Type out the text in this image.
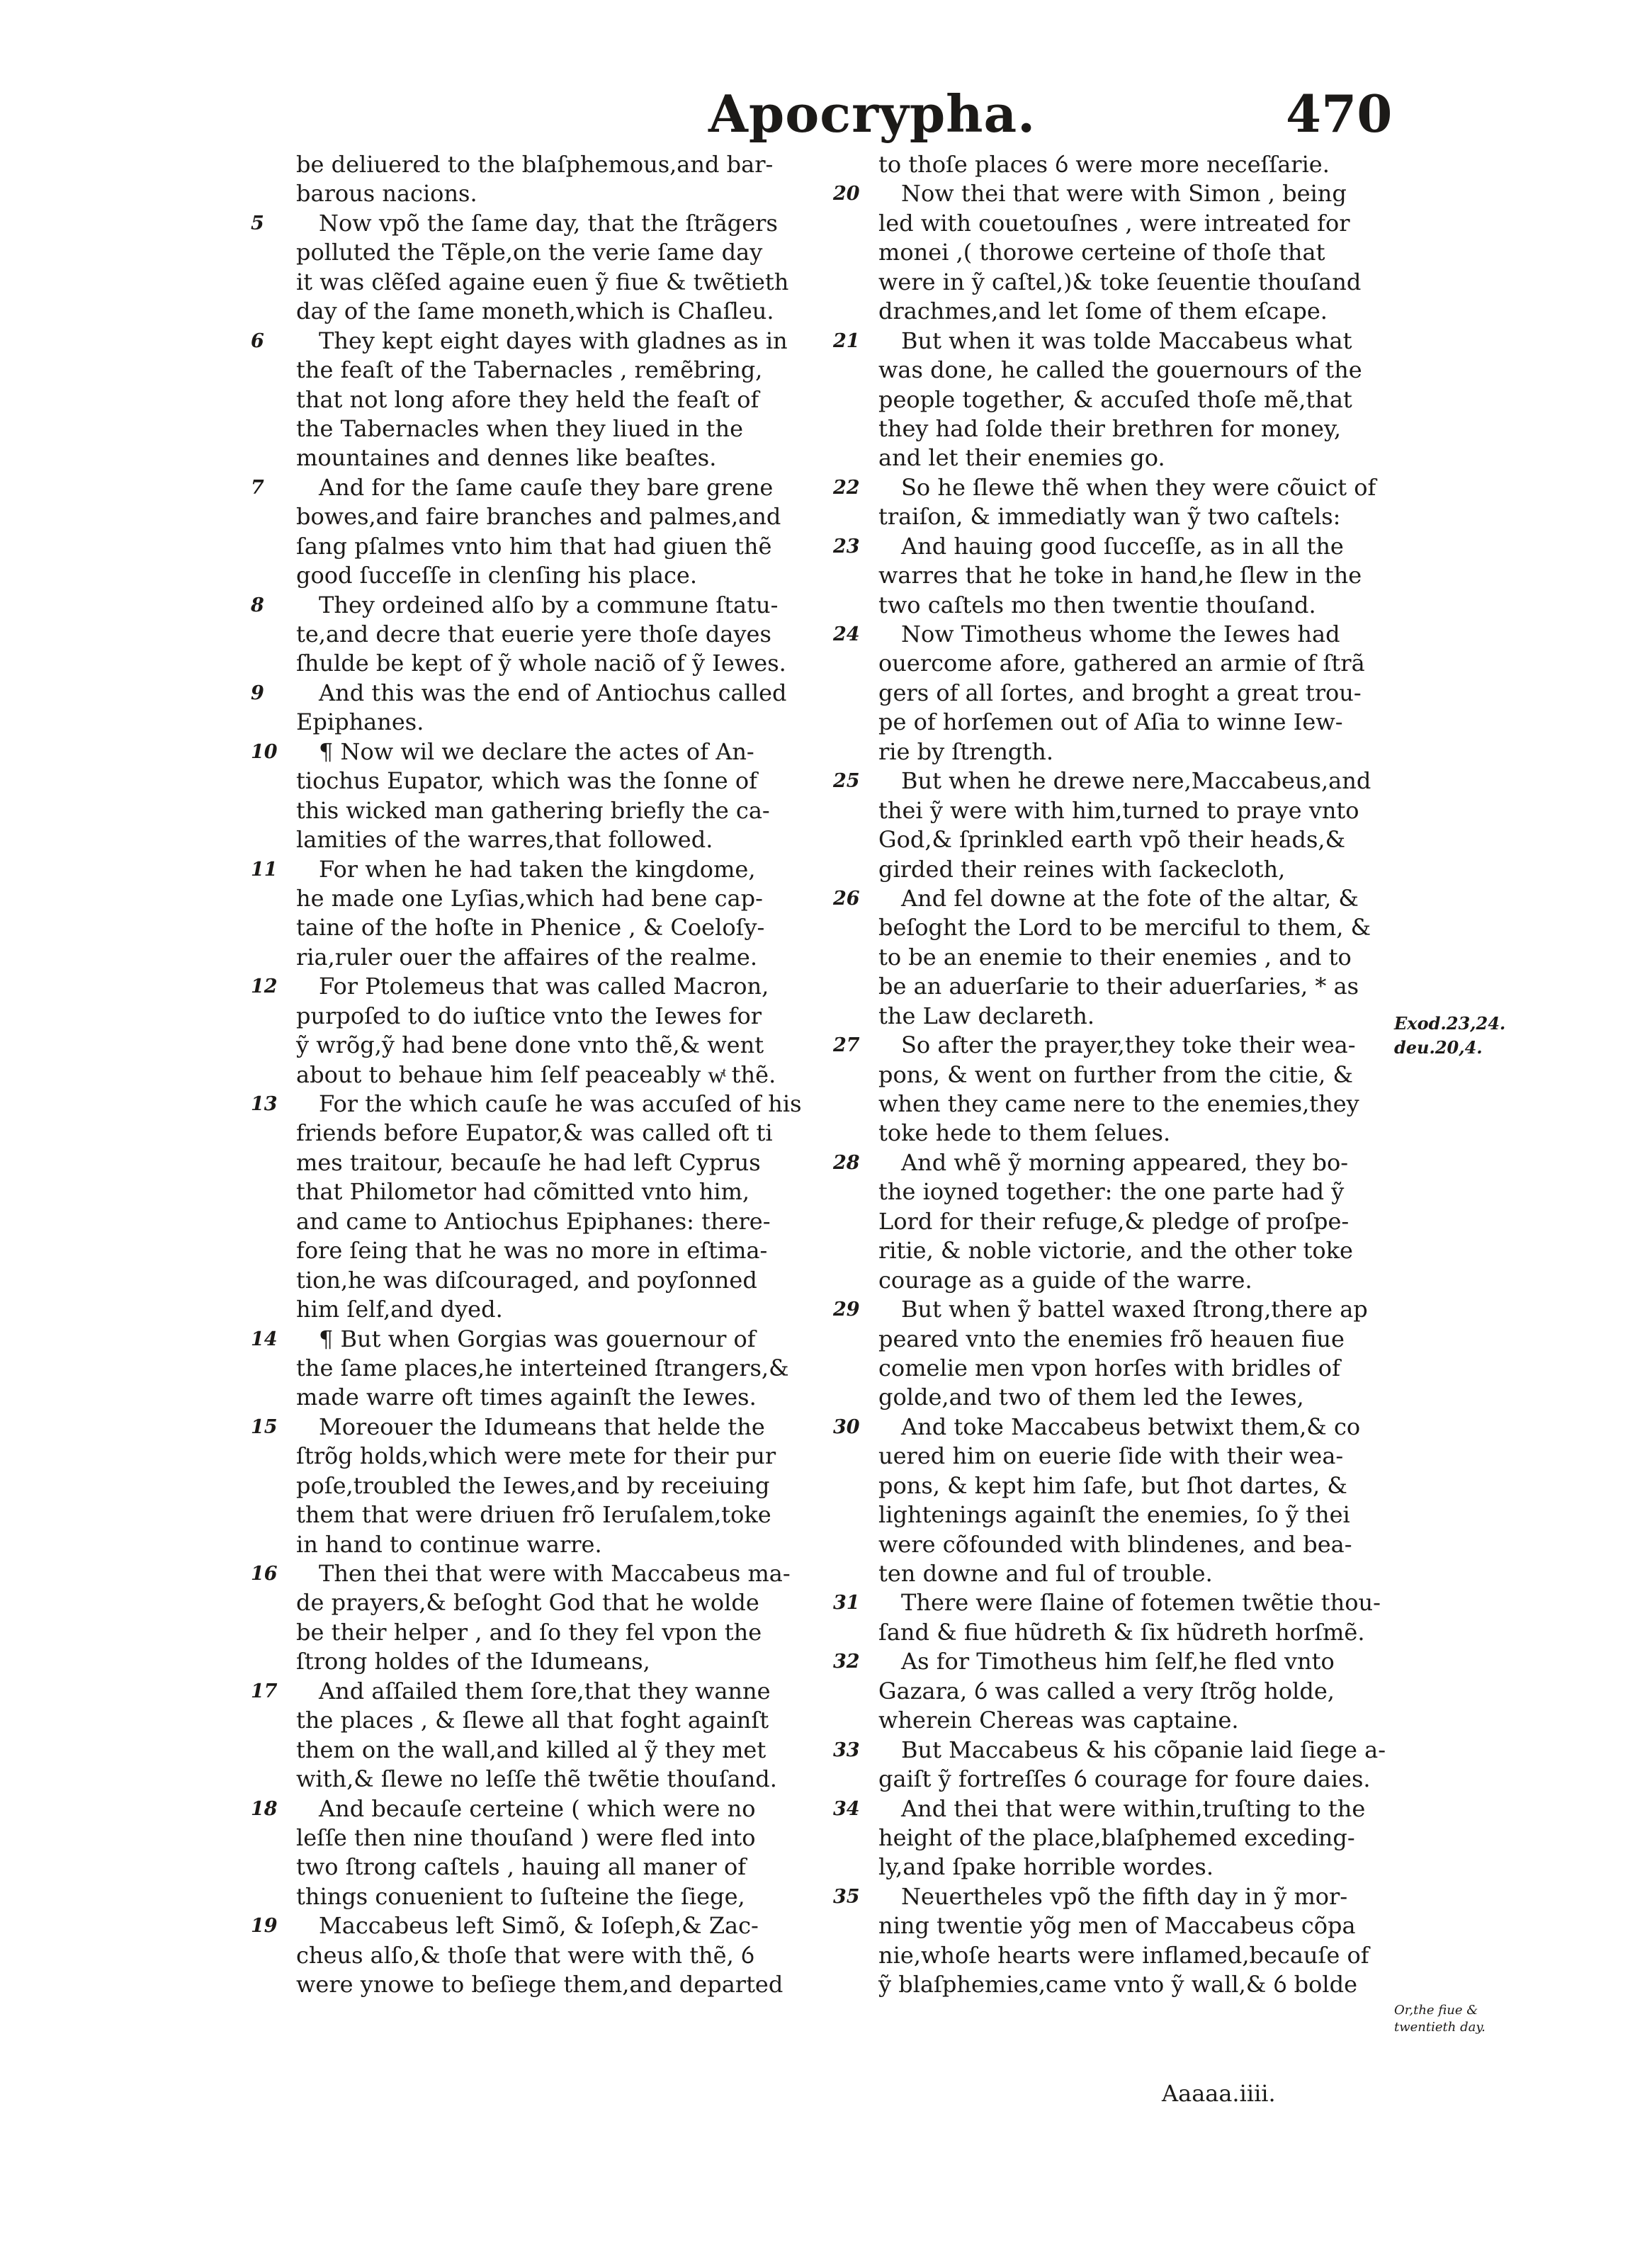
Apocrypha.	470
be deliuered to the blaſphemous,and bar-
barous nacions.
5	Now vpõ the ſame day, that the ſtrãgers
polluted the Tẽple,on the verie ſame day
it was clẽſed againe euen ỹ fiue & twẽtieth
day of the ſame moneth,which is Chaſleu.
6	They kept eight dayes with gladnes as in
the feaſt of the Tabernacles , remẽbring,
that not long afore they held the feaſt of
the Tabernacles when they liued in the
mountaines and dennes like beaſtes.
7	And for the ſame cauſe they bare grene
bowes,and faire branches and palmes,and
ſang pſalmes vnto him that had giuen thẽ
good ſucceſſe in clenſing his place.
8	They ordeined alſo by a commune ſtatu-
te,and decre that euerie yere thoſe dayes
ſhulde be kept of ỹ whole naciõ of ỹ Iewes.
9	And this was the end of Antiochus called
Epiphanes.
10 ¶ Now wil we declare the actes of An-
tiochus Eupator, which was the ſonne of
this wicked man gathering briefly the ca-
lamities of the warres,that followed.
11 For when he had taken the kingdome,
he made one Lyſias,which had bene cap-
taine of the hoſte in Phenice , & Coeloſy-
ria,ruler ouer the affaires of the realme.
12 For Ptolemeus that was called Macron,
purpoſed to do iuſtice vnto the Iewes for
ỹ wrõg,ỹ had bene done vnto thẽ,& went
about to behaue him ſelf peaceably wͭ thẽ.
13 For the which cauſe he was accuſed of his
friends before Eupator,& was called oft ti
mes traitour, becauſe he had left Cyprus
that Philometor had cõmitted vnto him,
and came to Antiochus Epiphanes: there-
fore ſeing that he was no more in eſtima-
tion,he was diſcouraged, and poyſonned
him ſelf,and dyed.
14 ¶ But when Gorgias was gouernour of
the ſame places,he interteined ſtrangers,&
made warre oft times againſt the Iewes.
15 Moreouer the Idumeans that helde the
ſtrõg holds,which were mete for their pur
poſe,troubled the Iewes,and by receiuing
them that were driuen frõ Ieruſalem,toke
in hand to continue warre.
16 Then thei that were with Maccabeus ma-
de prayers,& beſoght God that he wolde
be their helper , and ſo they fel vpon the
ſtrong holdes of the Idumeans,
17 And aſſailed them ſore,that they wanne
the places , & ſlewe all that foght againſt
them on the wall,and killed al ỹ they met
with,& ſlewe no leſſe thẽ twẽtie thouſand.
18 And becauſe certeine ( which were no
leſſe then nine thouſand ) were fled into
two ſtrong caſtels , hauing all maner of
things conuenient to ſuſteine the ſiege,
19 Maccabeus left Simõ, & Ioſeph,& Zac-
cheus alſo,& thoſe that were with thẽ, ỽ
were ynowe to beſiege them,and departed
to thoſe places ỽ were more neceſſarie.
20 Now thei that were with Simon , being
led with couetouſnes , were intreated for
monei ,( thorowe certeine of thoſe that
were in ỹ caſtel,)& toke ſeuentie thouſand
drachmes,and let ſome of them eſcape.
21 But when it was tolde Maccabeus what
was done, he called the gouernours of the
people together, & accuſed thoſe mẽ,that
they had ſolde their brethren for money,
and let their enemies go.
22 So he ſlewe thẽ when they were cõuict of
traiſon, & immediatly wan ỹ two caſtels:
23 And hauing good ſucceſſe, as in all the
warres that he toke in hand,he ſlew in the
two caſtels mo then twentie thouſand.
24 Now Timotheus whome the Iewes had
ouercome afore, gathered an armie of ſtrã
gers of all ſortes, and broght a great trou-
pe of horſemen out of Aſia to winne Iew-
rie by ſtrength.
25 But when he drewe nere,Maccabeus,and
thei ỹ were with him,turned to praye vnto
God,& ſprinkled earth vpõ their heads,&
girded their reines with ſackecloth,
26 And fel downe at the fote of the altar, &
beſoght the Lord to be merciful to them, &
to be an enemie to their enemies , and to
be an aduerſarie to their aduerſaries, * as
the Law declareth.
27 So after the prayer,they toke their wea-
pons, & went on further from the citie, &
when they came nere to the enemies,they
toke hede to them ſelues.
28 And whẽ ỹ morning appeared, they bo-
the ioyned together: the one parte had ỹ
Lord for their refuge,& pledge of proſpe-
ritie, & noble victorie, and the other toke
courage as a guide of the warre.
29 But when ỹ battel waxed ſtrong,there ap
peared vnto the enemies frõ heauen fiue
comelie men vpon horſes with bridles of
golde,and two of them led the Iewes,
30 And toke Maccabeus betwixt them,& co
uered him on euerie ſide with their wea-
pons, & kept him ſafe, but ſhot dartes, &
lightenings againſt the enemies, ſo ỹ thei
were cõfounded with blindenes, and bea-
ten downe and ful of trouble.
31 There were ſlaine of fotemen twẽtie thou-
ſand & fiue hũdreth & ſix hũdreth horſmẽ.
32 As for Timotheus him ſelf,he fled vnto
Gazara, ỽ was called a very ſtrõg holde,
wherein Chereas was captaine.
33 But Maccabeus & his cõpanie laid ſiege a-
gaiſt ỹ fortreſſes ỽ courage for foure daies.
34 And thei that were within,truſting to the
height of the place,blaſphemed exceding-
ly,and ſpake horrible wordes.
35 Neuertheles vpõ the fifth day in ỹ mor-
ning twentie yõg men of Maccabeus cõpa
nie,whoſe hearts were inflamed,becauſe of
ỹ blaſphemies,came vnto ỹ wall,& ỽ bolde
Exod.23,24.
deu.20,4.
Or,the fiue &
twentieth day.
Aaaaa.iiii.
